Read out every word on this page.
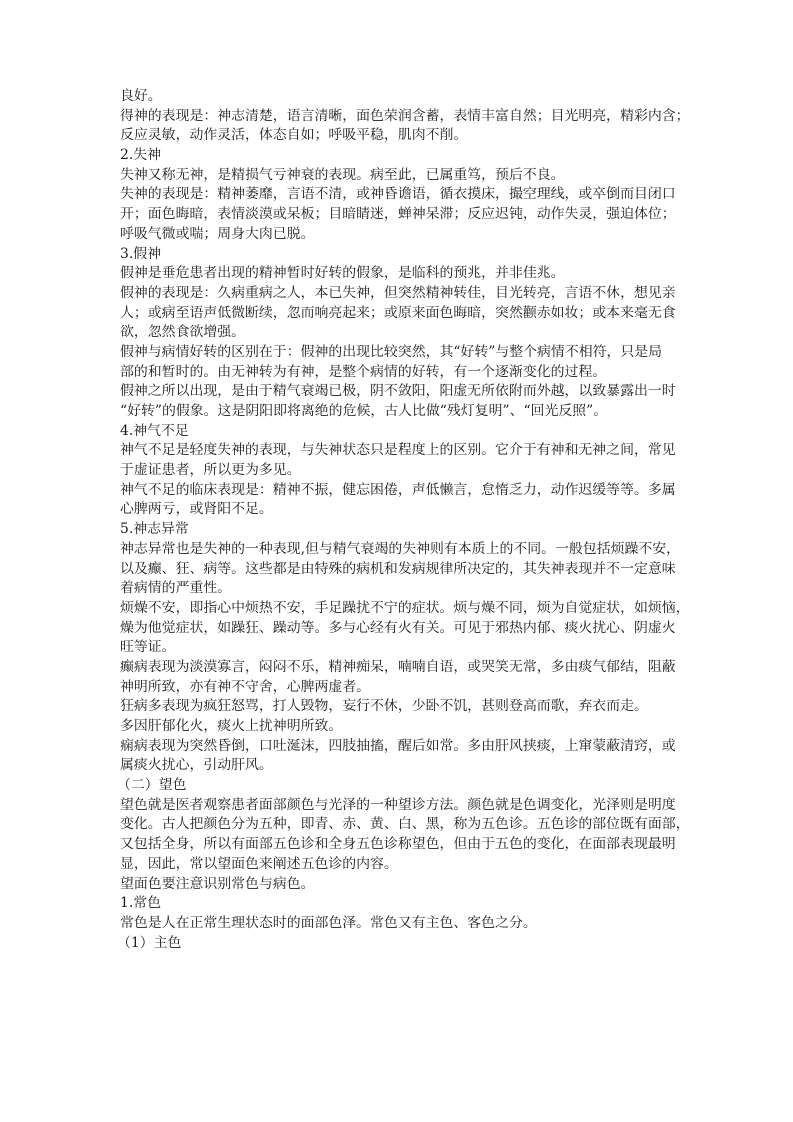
良好。
得神的表现是：神志清楚，语言清晰，面色荣润含蓄，表情丰富自然；目光明亮，精彩内含；
反应灵敏，动作灵活，体态自如；呼吸平稳，肌肉不削。
2.失神
失神又称无神，是精损气亏神衰的表现。病至此，已属重笃，预后不良。
失神的表现是：精神萎靡，言语不清，或神昏谵语，循衣摸床，撮空理线，或卒倒而目闭口
开；面色晦暗，表情淡漠或呆板；目暗睛迷，蝉神呆滞；反应迟钝，动作失灵，强迫体位；
呼吸气微或喘；周身大肉已脱。
3.假神
假神是垂危患者出现的精神暂时好转的假象，是临科的预兆，并非佳兆。
假神的表现是：久病重病之人，本已失神，但突然精神转佳，目光转亮，言语不休，想见亲
人；或病至语声低微断续，忽而响亮起来；或原来面色晦暗，突然颧赤如妆；或本来毫无食
欲，忽然食欲增强。
假神与病情好转的区别在于：假神的出现比较突然，其“好转”与整个病情不相符，只是局
部的和暂时的。由无神转为有神，是整个病情的好转，有一个逐渐变化的过程。
假神之所以出现，是由于精气衰竭已极，阴不敛阳，阳虚无所依附而外越，以致暴露出一时
“好转”的假象。这是阴阳即将离绝的危候，古人比做“残灯复明”、“回光反照”。
4.神气不足
神气不足是轻度失神的表现，与失神状态只是程度上的区别。它介于有神和无神之间，常见
于虚证患者，所以更为多见。
神气不足的临床表现是：精神不振，健忘困倦，声低懒言，怠惰乏力，动作迟缓等等。多属
心脾两亏，或肾阳不足。
5.神志异常
神志异常也是失神的一种表现,但与精气衰竭的失神则有本质上的不同。一般包括烦躁不安，
以及癫、狂、病等。这些都是由特殊的病机和发病规律所决定的，其失神表现并不一定意味
着病情的严重性。
烦燥不安，即指心中烦热不安，手足躁扰不宁的症状。烦与燥不同，烦为自觉症状，如烦恼，
燥为他觉症状，如躁狂、躁动等。多与心经有火有关。可见于邪热内郁、痰火扰心、阴虚火
旺等证。
癫病表现为淡漠寡言，闷闷不乐，精神痴呆，喃喃自语，或哭笑无常，多由痰气郁结，阻蔽
神明所致，亦有神不守舍，心脾两虚者。
狂病多表现为疯狂怒骂，打人毁物，妄行不休，少卧不饥，甚则登高而歌，弃衣而走。
多因肝郁化火，痰火上扰神明所致。
痫病表现为突然昏倒，口吐涎沫，四肢抽搐，醒后如常。多由肝风挟痰，上窜蒙蔽清窍，或
属痰火扰心，引动肝风。
（二）望色
望色就是医者观察患者面部颜色与光泽的一种望诊方法。颜色就是色调变化，光泽则是明度
变化。古人把颜色分为五种，即青、赤、黄、白、黑，称为五色诊。五色诊的部位既有面部，
又包括全身，所以有面部五色诊和全身五色诊称望色，但由于五色的变化，在面部表现最明
显，因此，常以望面色来阐述五色诊的内容。
望面色要注意识别常色与病色。
1.常色
常色是人在正常生理状态时的面部色泽。常色又有主色、客色之分。
（1）主色
